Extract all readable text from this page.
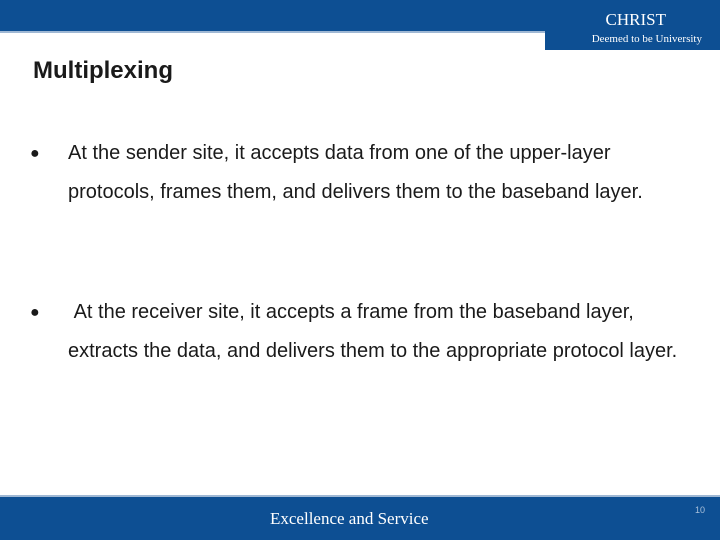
CHRIST
Deemed to be University
Multiplexing
● At the sender site, it accepts data from one of the upper-layer protocols, frames them, and delivers them to the baseband layer.
● At the receiver site, it accepts a frame from the baseband layer, extracts the data, and delivers them to the appropriate protocol layer.
Excellence and Service	10
